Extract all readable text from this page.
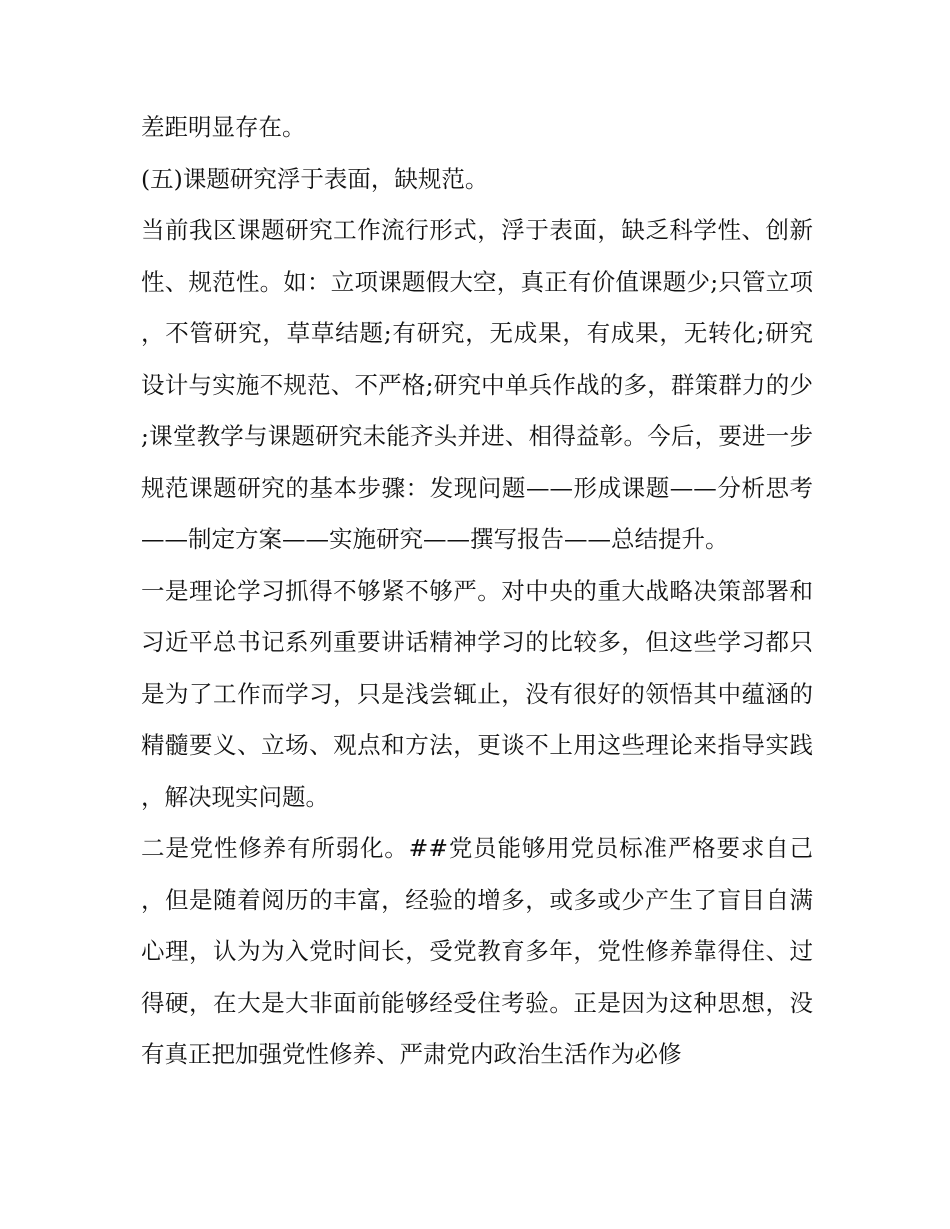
差距明显存在。

(五)课题研究浮于表面，缺规范。

当前我区课题研究工作流行形式，浮于表面，缺乏科学性、创新性、规范性。如：立项课题假大空，真正有价值课题少;只管立项，不管研究，草草结题;有研究，无成果，有成果，无转化;研究设计与实施不规范、不严格;研究中单兵作战的多，群策群力的少;课堂教学与课题研究未能齐头并进、相得益彰。今后，要进一步规范课题研究的基本步骤：发现问题——形成课题——分析思考——制定方案——实施研究——撰写报告——总结提升。

一是理论学习抓得不够紧不够严。对中央的重大战略决策部署和习近平总书记系列重要讲话精神学习的比较多，但这些学习都只是为了工作而学习，只是浅尝辄止，没有很好的领悟其中蕴涵的精髓要义、立场、观点和方法，更谈不上用这些理论来指导实践，解决现实问题。

二是党性修养有所弱化。##党员能够用党员标准严格要求自己，但是随着阅历的丰富，经验的增多，或多或少产生了盲目自满心理，认为为入党时间长，受党教育多年，党性修养靠得住、过得硬，在大是大非面前能够经受住考验。正是因为这种思想，没有真正把加强党性修养、严肃党内政治生活作为必修
